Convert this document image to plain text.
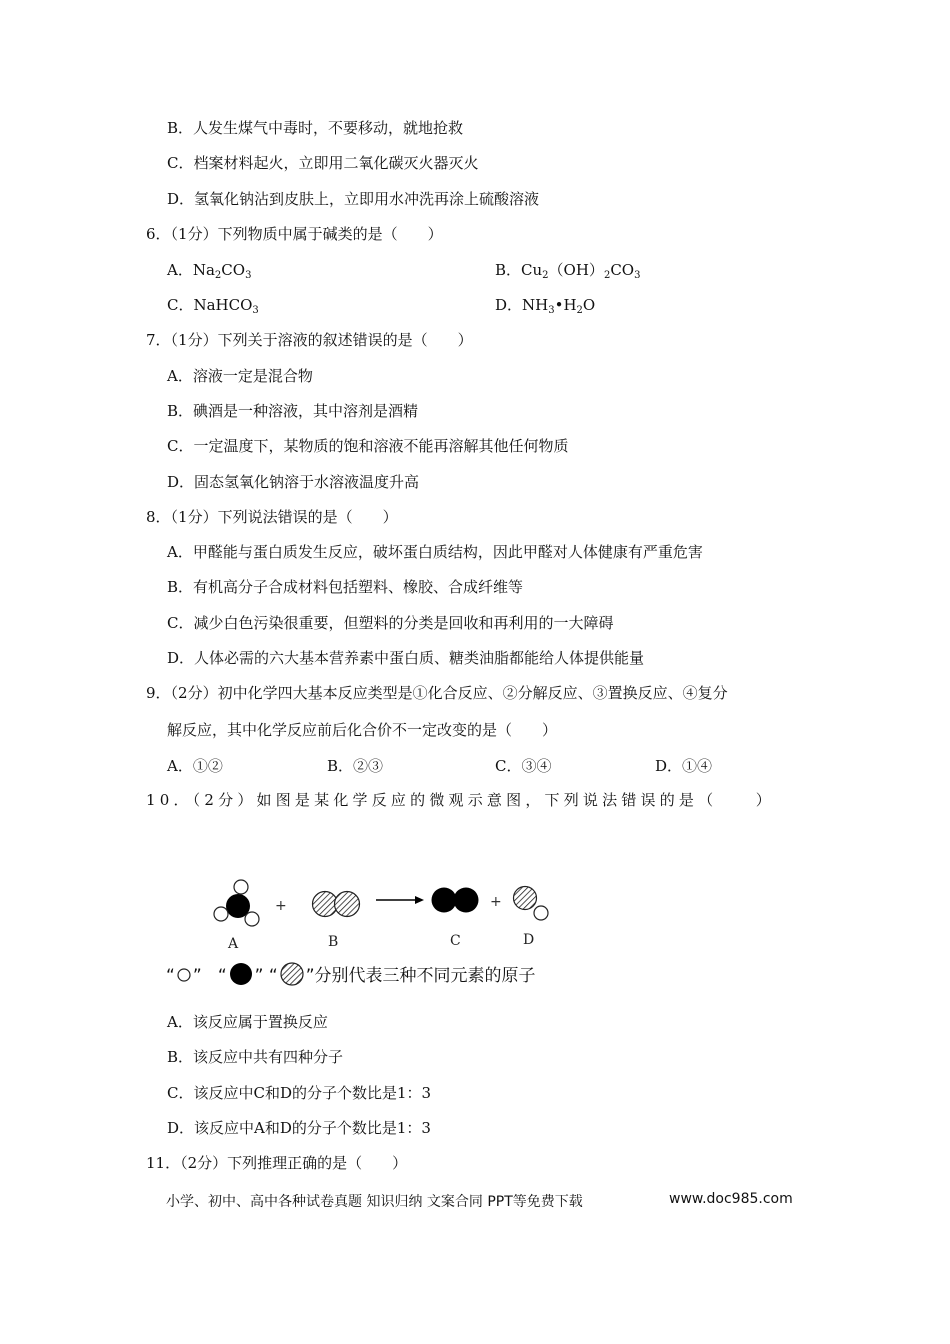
B．人发生煤气中毒时，不要移动，就地抢救
C．档案材料起火，立即用二氧化碳灭火器灭火
D．氢氧化钠沾到皮肤上，立即用水冲洗再涂上硫酸溶液
6．（1分）下列物质中属于碱类的是（　　）
A．$Na_2CO_3$	B．$Cu_2(OH)_2CO_3$
C．NaHCO$_3$	D．$NH_3•H_2O$
7．（1分）下列关于溶液的叙述错误的是（　　）
A．溶液一定是混合物
B．碘酒是一种溶液，其中溶剂是酒精
C．一定温度下，某物质的饱和溶液不能再溶解其他任何物质
D．固态氢氧化钠溶于水溶液温度升高
8．（1分）下列说法错误的是（　　）
A．甲醛能与蛋白质发生反应，破坏蛋白质结构，因此甲醛对人体健康有严重危害
B．有机高分子合成材料包括塑料、橡胶、合成纤维等
C．减少白色污染很重要，但塑料的分类是回收和再利用的一大障碍
D．人体必需的六大基本营养素中蛋白质、糖类油脂都能给人体提供能量
9．（2分）初中化学四大基本反应类型是①化合反应、②分解反应、③置换反应、④复分
解反应，其中化学反应前后化合价不一定改变的是（　　）
A．①②	B．②③	C．③④	D．①④
10．（2分）如图是某化学反应的微观示意图，下列说法错误的是（　　）
+	+
A	B	C	D
“ ” “ ” “ ”分别代表三种不同元素的原子
A．该反应属于置换反应
B．该反应中共有四种分子
C．该反应中C和D的分子个数比是1：3
D．该反应中A和D的分子个数比是1：3
11．（2分）下列推理正确的是（　　）
小学、初中、高中各种试卷真题 知识归纳 文案合同 PPT等免费下载	www.doc985.com
